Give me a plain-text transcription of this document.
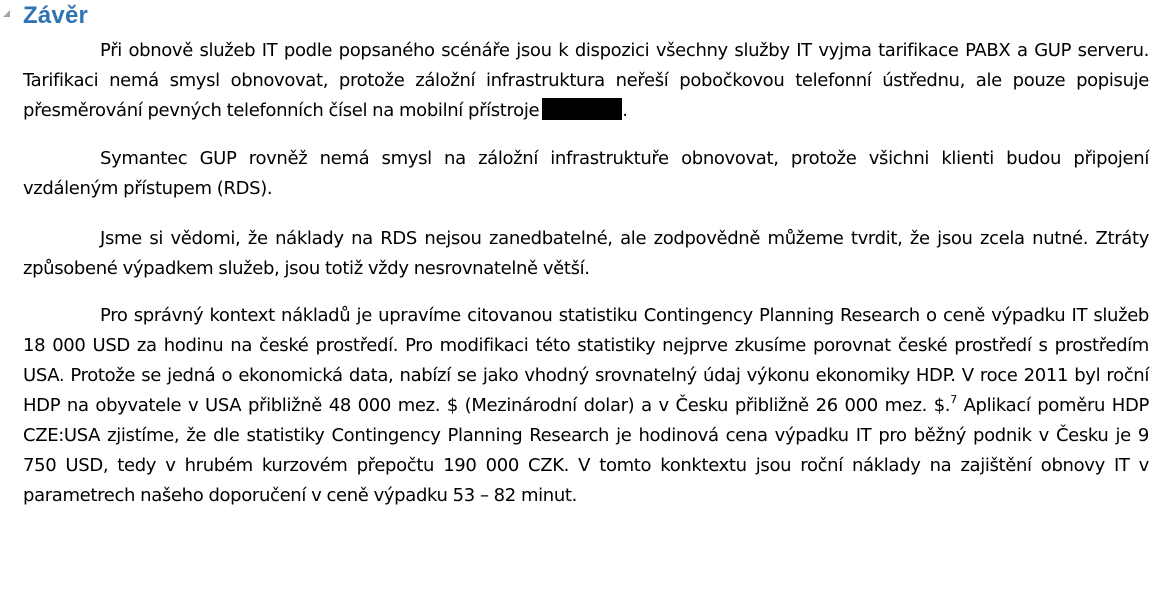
Závěr

Při obnově služeb IT podle popsaného scénáře jsou k dispozici všechny služby IT vyjma tarifikace PABX a GUP serveru. Tarifikaci nemá smysl obnovovat, protože záložní infrastruktura neřeší pobočkovou telefonní ústřednu, ale pouze popisuje přesměrování pevných telefonních čísel na mobilní přístroje	.

Symantec GUP rovněž nemá smysl na záložní infrastruktuře obnovovat, protože všichni klienti budou připojení vzdáleným přístupem (RDS).

Jsme si vědomi, že náklady na RDS nejsou zanedbatelné, ale zodpovědně můžeme tvrdit, že jsou zcela nutné. Ztráty způsobené výpadkem služeb, jsou totiž vždy nesrovnatelně větší.

Pro správný kontext nákladů je upravíme citovanou statistiku Contingency Planning Research o ceně výpadku IT služeb 18 000 USD za hodinu na české prostředí. Pro modifikaci této statistiky nejprve zkusíme porovnat české prostředí s prostředím USA. Protože se jedná o ekonomická data, nabízí se jako vhodný srovnatelný údaj výkonu ekonomiky HDP. V roce 2011 byl roční HDP na obyvatele v USA přibližně 48 000 mez. $ (Mezinárodní dolar) a v Česku přibližně 26 000 mez. $.$^7$ Aplikací poměru HDP CZE:USA zjistíme, že dle statistiky Contingency Planning Research je hodinová cena výpadku IT pro běžný podnik v Česku je 9 750 USD, tedy v hrubém kurzovém přepočtu 190 000 CZK. V tomto konktextu jsou roční náklady na zajištění obnovy IT v parametrech našeho doporučení v ceně výpadku 53 – 82 minut.
